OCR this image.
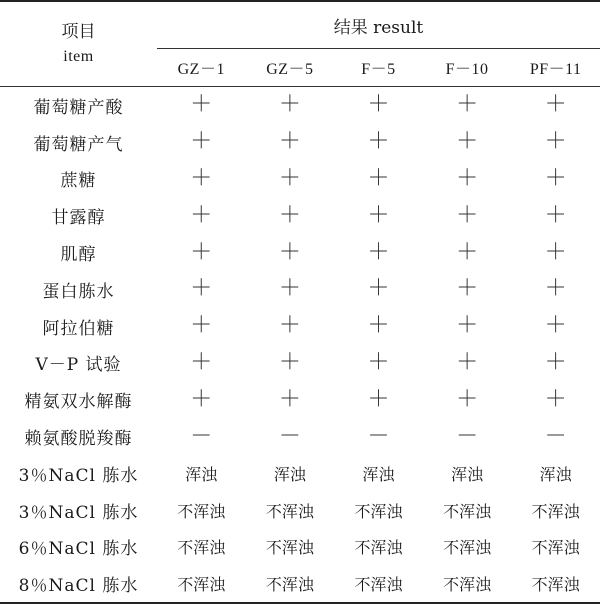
项目
item	结果 result				
	GZ－1	GZ－5	F－5	F－10	PF－11
葡萄糖产酸	＋	＋	＋	＋	＋
葡萄糖产气	＋	＋	＋	＋	＋
蔗糖	＋	＋	＋	＋	＋
甘露醇	＋	＋	＋	＋	＋
肌醇	＋	＋	＋	＋	＋
蛋白胨水	＋	＋	＋	＋	＋
阿拉伯糖	＋	＋	＋	＋	＋
V－P 试验	＋	＋	＋	＋	＋
精氨双水解酶	＋	＋	＋	＋	＋
赖氨酸脱羧酶	－	－	－	－	－
3％NaCl 胨水	浑浊	浑浊	浑浊	浑浊	浑浊
3％NaCl 胨水	不浑浊	不浑浊	不浑浊	不浑浊	不浑浊
6％NaCl 胨水	不浑浊	不浑浊	不浑浊	不浑浊	不浑浊
8％NaCl 胨水	不浑浊	不浑浊	不浑浊	不浑浊	不浑浊
